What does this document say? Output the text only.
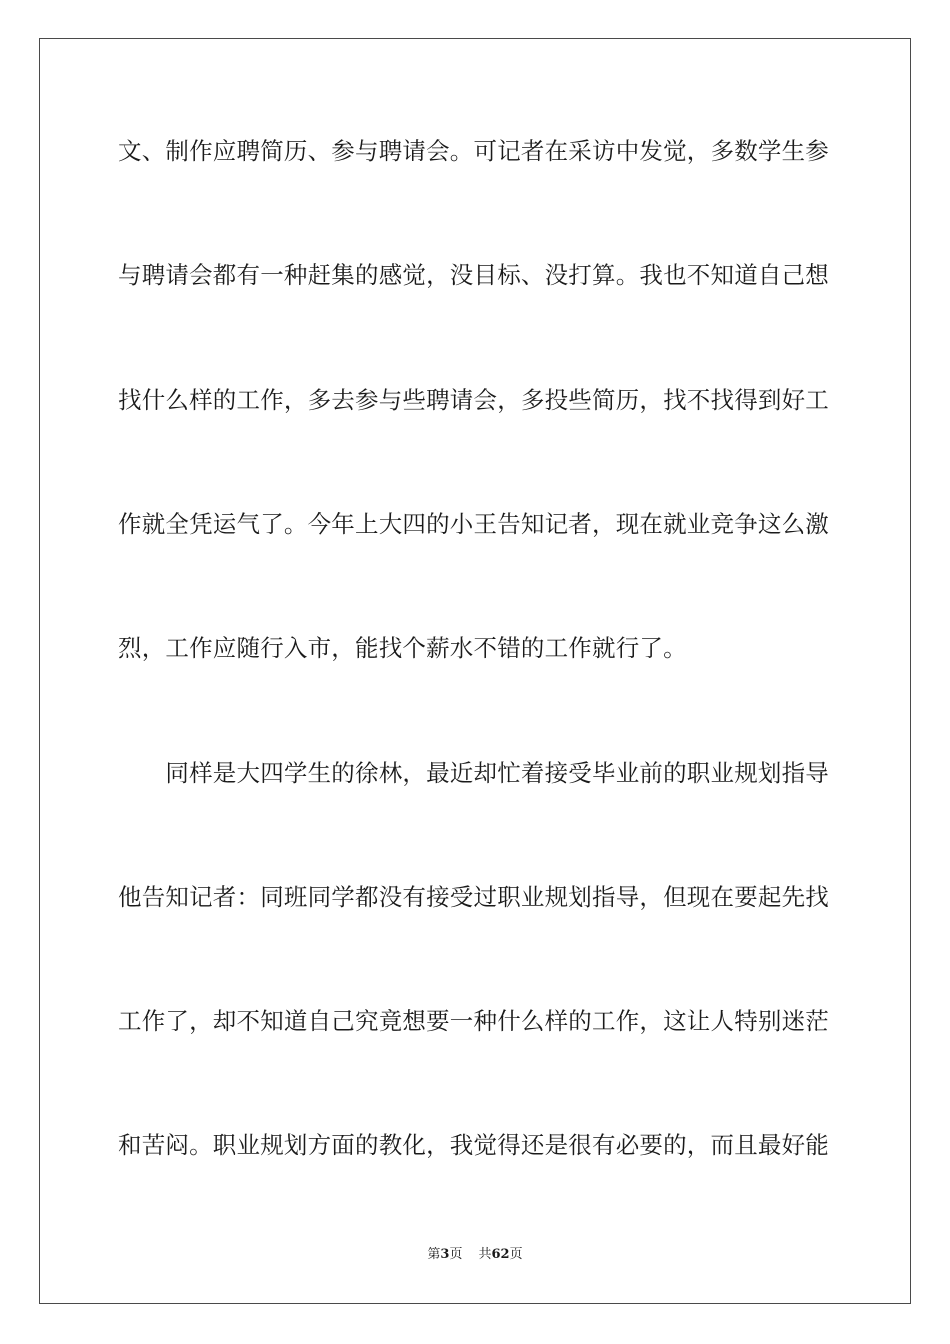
文、制作应聘简历、参与聘请会。可记者在采访中发觉，多数学生参
与聘请会都有一种赶集的感觉，没目标、没打算。我也不知道自己想
找什么样的工作，多去参与些聘请会，多投些简历，找不找得到好工
作就全凭运气了。今年上大四的小王告知记者，现在就业竞争这么激
烈，工作应随行入市，能找个薪水不错的工作就行了。
　　同样是大四学生的徐林，最近却忙着接受毕业前的职业规划指导
他告知记者：同班同学都没有接受过职业规划指导，但现在要起先找
工作了，却不知道自己究竟想要一种什么样的工作，这让人特别迷茫
和苦闷。职业规划方面的教化，我觉得还是很有必要的，而且最好能
第3页 共62页
